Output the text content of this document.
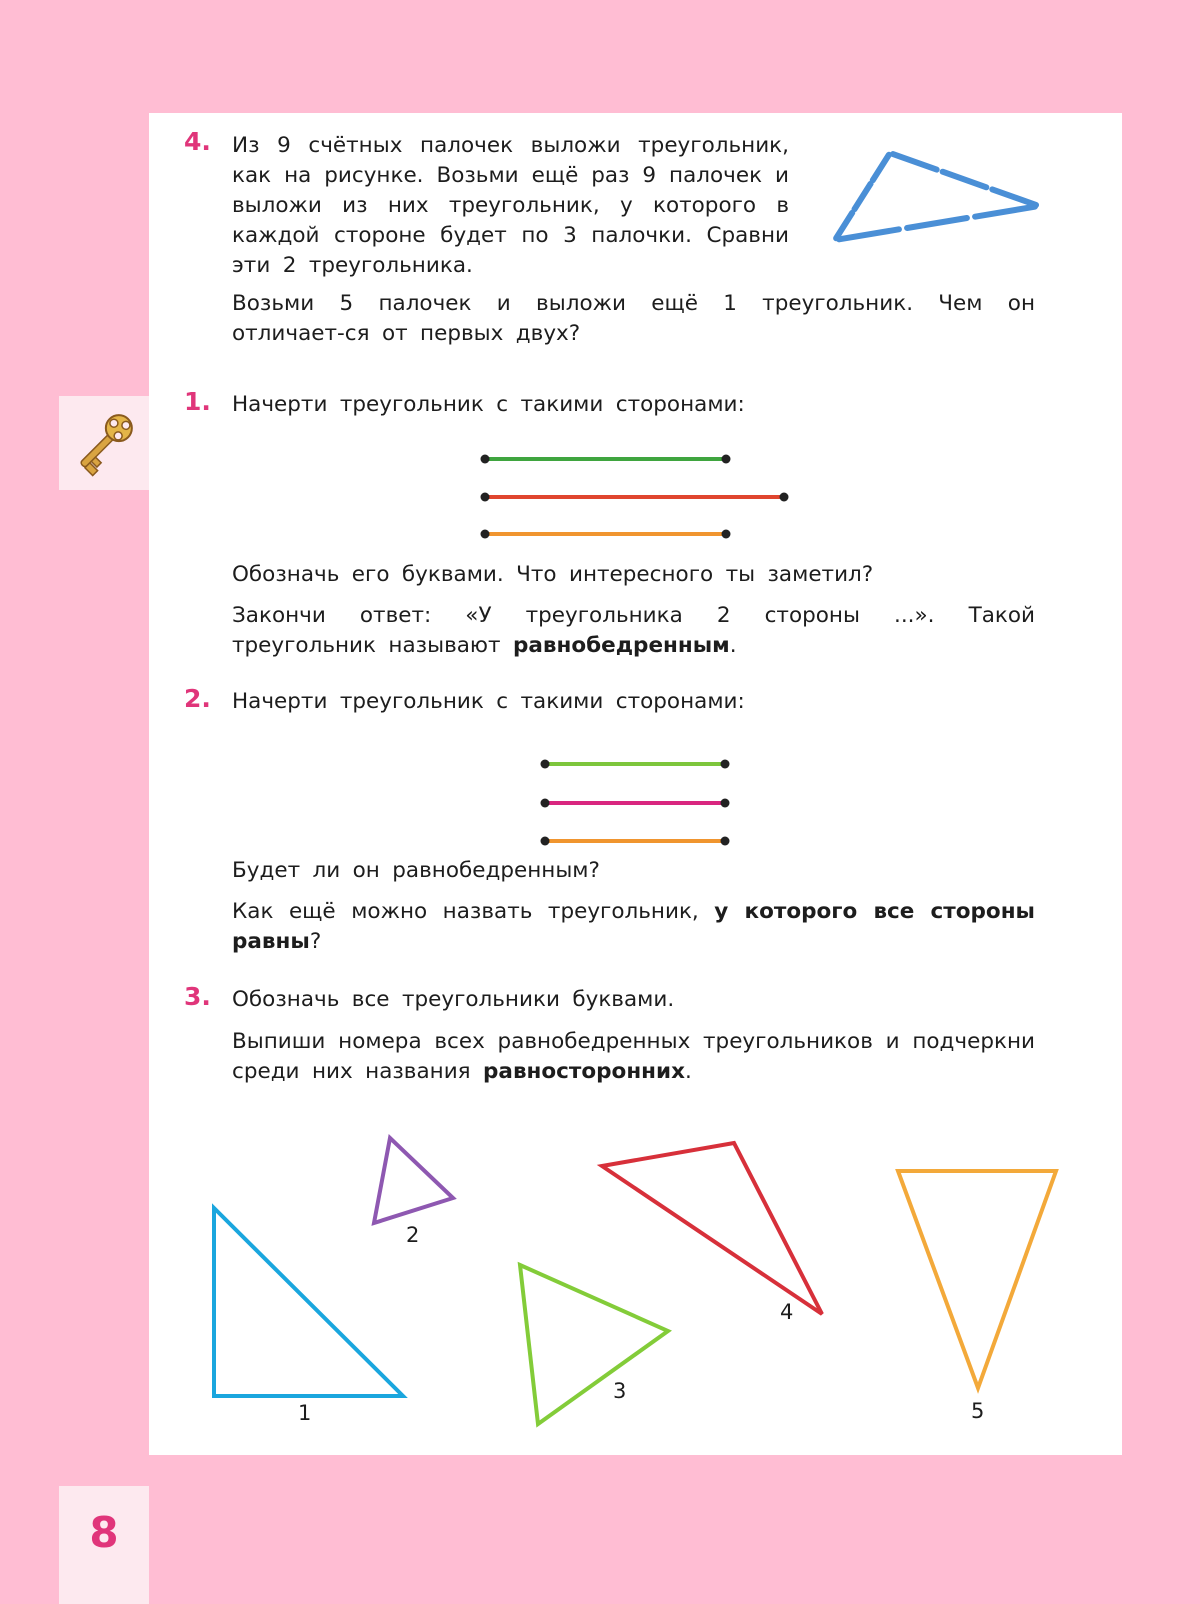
8
4. Из 9 счётных палочек выложи треугольник, как на рисунке. Возьми ещё раз 9 палочек и выложи из них треугольник, у которого в каждой стороне будет по 3 палочки. Сравни эти 2 треугольника.

Возьми 5 палочек и выложи ещё 1 треугольник. Чем он отличает-ся от первых двух?

1. Начерти треугольник с такими сторонами:

Обозначь его буквами. Что интересного ты заметил?

Закончи ответ: «У треугольника 2 стороны ...». Такой треугольник называют равнобедренным.

2. Начерти треугольник с такими сторонами:

Будет ли он равнобедренным?

Как ещё можно назвать треугольник, у которого все стороны равны?

3. Обозначь все треугольники буквами.

Выпиши номера всех равнобедренных треугольников и подчеркни среди них названия равносторонних.

1
2
3
4
5
